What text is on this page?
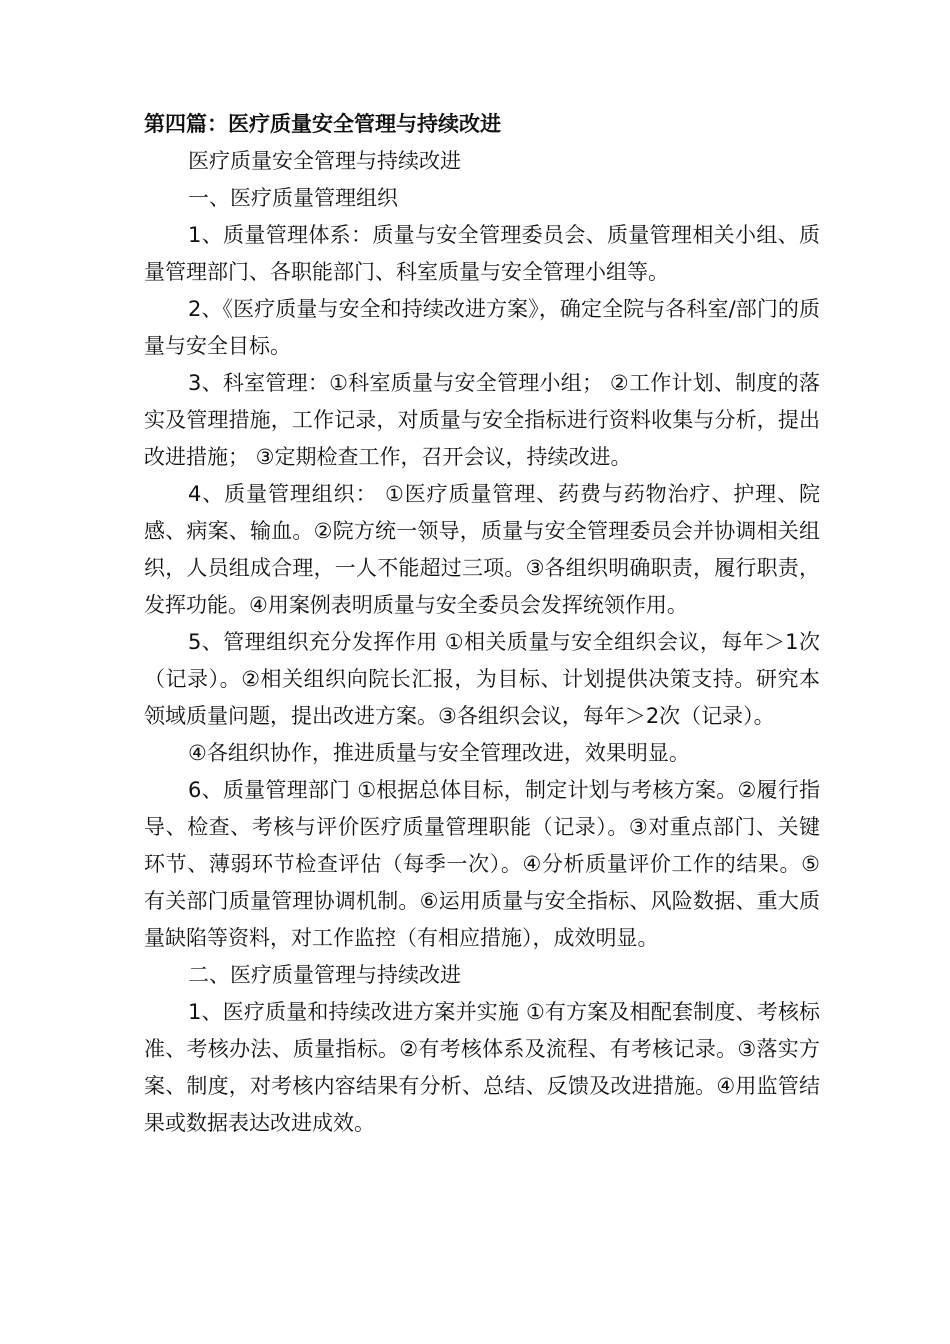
第四篇：医疗质量安全管理与持续改进

医疗质量安全管理与持续改进

一、医疗质量管理组织

1、质量管理体系：质量与安全管理委员会、质量管理相关小组、质量管理部门、各职能部门、科室质量与安全管理小组等。

2、《医疗质量与安全和持续改进方案》，确定全院与各科室/部门的质量与安全目标。

3、科室管理：①科室质量与安全管理小组； ②工作计划、制度的落实及管理措施，工作记录，对质量与安全指标进行资料收集与分析，提出改进措施； ③定期检查工作，召开会议，持续改进。

4、质量管理组织： ①医疗质量管理、药费与药物治疗、护理、院感、病案、输血。②院方统一领导，质量与安全管理委员会并协调相关组织，人员组成合理，一人不能超过三项。③各组织明确职责，履行职责，发挥功能。④用案例表明质量与安全委员会发挥统领作用。

5、管理组织充分发挥作用 ①相关质量与安全组织会议，每年＞1次（记录）。②相关组织向院长汇报，为目标、计划提供决策支持。研究本领域质量问题，提出改进方案。③各组织会议，每年＞2次（记录）。

④各组织协作，推进质量与安全管理改进，效果明显。

6、质量管理部门 ①根据总体目标，制定计划与考核方案。②履行指导、检查、考核与评价医疗质量管理职能（记录）。③对重点部门、关键环节、薄弱环节检查评估（每季一次）。④分析质量评价工作的结果。⑤有关部门质量管理协调机制。⑥运用质量与安全指标、风险数据、重大质量缺陷等资料，对工作监控（有相应措施），成效明显。

二、医疗质量管理与持续改进

1、医疗质量和持续改进方案并实施 ①有方案及相配套制度、考核标准、考核办法、质量指标。②有考核体系及流程、有考核记录。③落实方案、制度，对考核内容结果有分析、总结、反馈及改进措施。④用监管结果或数据表达改进成效。
